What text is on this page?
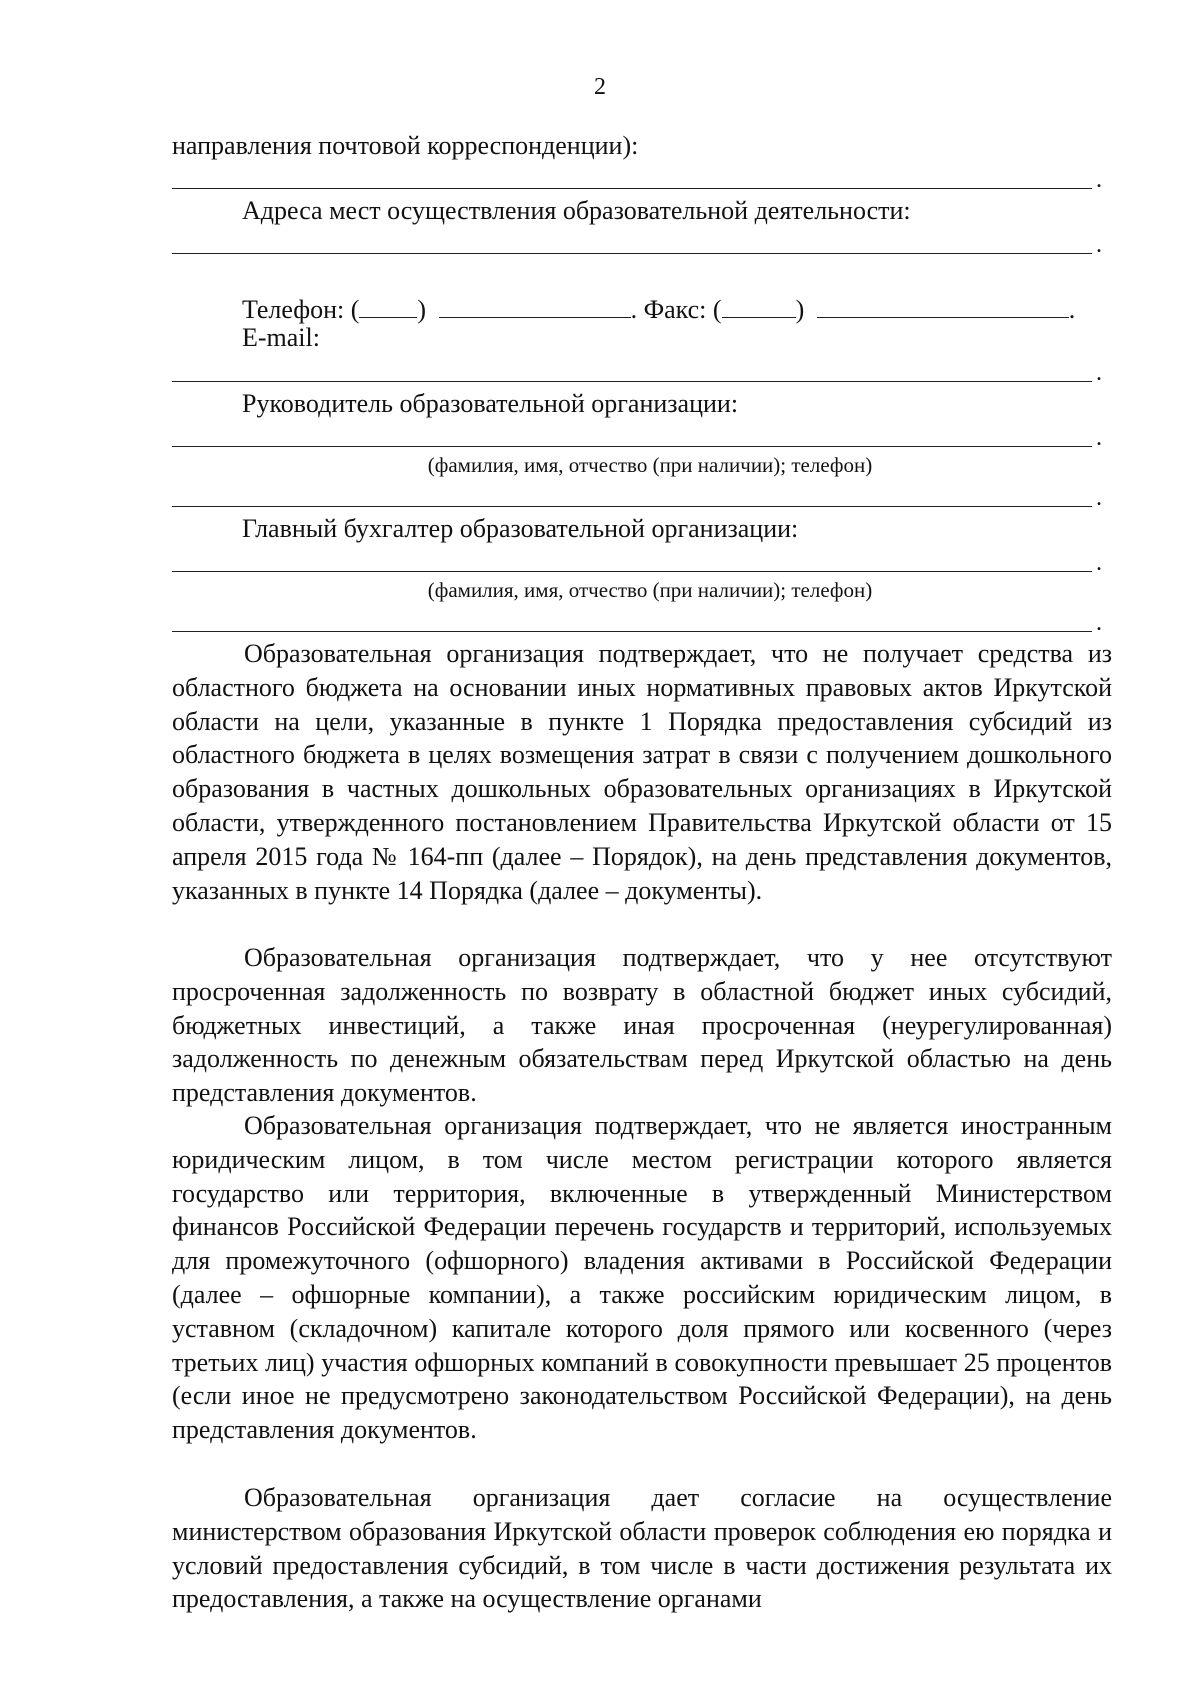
2
направления почтовой корреспонденции):
.
Адреса мест осуществления образовательной деятельности:
.
Телефон: ( )	. Факс: (	)	.
E-mail:
.
Руководитель образовательной организации:
.
(фамилия, имя, отчество (при наличии); телефон)
.
Главный бухгалтер образовательной организации:
.
(фамилия, имя, отчество (при наличии); телефон)
.

Образовательная организация подтверждает, что не получает средства из областного бюджета на основании иных нормативных правовых актов Иркутской области на цели, указанные в пункте 1 Порядка предоставления субсидий из областного бюджета в целях возмещения затрат в связи с получением дошкольного образования в частных дошкольных образовательных организациях в Иркутской области, утвержденного постановлением Правительства Иркутской области от 15 апреля 2015 года № 164-пп (далее – Порядок), на день представления документов, указанных в пункте 14 Порядка (далее – документы).

Образовательная организация подтверждает, что у нее отсутствуют просроченная задолженность по возврату в областной бюджет иных субсидий, бюджетных инвестиций, а также иная просроченная (неурегулированная) задолженность по денежным обязательствам перед Иркутской областью на день представления документов.

Образовательная организация подтверждает, что не является иностранным юридическим лицом, в том числе местом регистрации которого является государство или территория, включенные в утвержденный Министерством финансов Российской Федерации перечень государств и территорий, используемых для промежуточного (офшорного) владения активами в Российской Федерации (далее – офшорные компании), а также российским юридическим лицом, в уставном (складочном) капитале которого доля прямого или косвенного (через третьих лиц) участия офшорных компаний в совокупности превышает 25 процентов (если иное не предусмотрено законодательством Российской Федерации), на день представления документов.

Образовательная организация дает согласие на осуществление министерством образования Иркутской области проверок соблюдения ею порядка и условий предоставления субсидий, в том числе в части достижения результата их предоставления, а также на осуществление органами
